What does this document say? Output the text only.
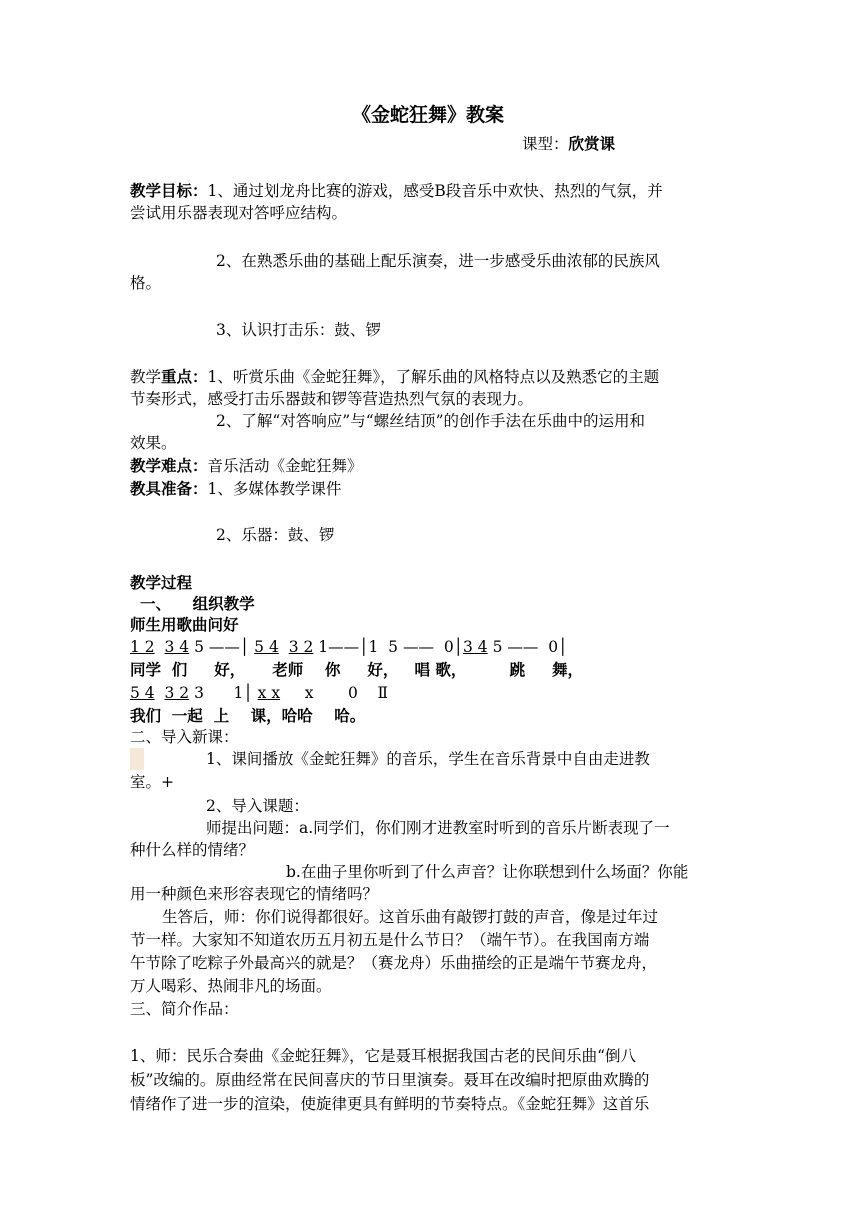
《金蛇狂舞》教案
课型：欣赏课
教学目标：1、通过划龙舟比赛的游戏，感受B段音乐中欢快、热烈的气氛，并
尝试用乐器表现对答呼应结构。
2、在熟悉乐曲的基础上配乐演奏，进一步感受乐曲浓郁的民族风
格。
3、认识打击乐：鼓、锣
教学重点：1、听赏乐曲《金蛇狂舞》，了解乐曲的风格特点以及熟悉它的主题
节奏形式，感受打击乐器鼓和锣等营造热烈气氛的表现力。
2、了解“对答响应”与“螺丝结顶”的创作手法在乐曲中的运用和
效果。
教学难点：音乐活动《金蛇狂舞》
教具准备：1、多媒体教学课件
2、乐器：鼓、锣
教学过程
一、    组织教学
师生用歌曲问好
1 2 3 4 5 ——│ 5 4 3 2 1——│1  5 ——  0│3 4 5 ——  0│
同学  们     好，     老师    你     好，   唱 歌，        跳     舞，
5 4 3 2 3      1│ x x     x       0    Ⅱ
我们  一起  上    课，哈哈    哈。
二、导入新课：
1、课间播放《金蛇狂舞》的音乐，学生在音乐背景中自由走进教
室。+
2、导入课题：
师提出问题：a.同学们，你们刚才进教室时听到的音乐片断表现了一
种什么样的情绪？
b.在曲子里你听到了什么声音？让你联想到什么场面？你能
用一种颜色来形容表现它的情绪吗？
生答后，师：你们说得都很好。这首乐曲有敲锣打鼓的声音，像是过年过
节一样。大家知不知道农历五月初五是什么节日？（端午节）。在我国南方端
午节除了吃粽子外最高兴的就是？（赛龙舟）乐曲描绘的正是端午节赛龙舟，
万人喝彩、热闹非凡的场面。
三、简介作品：
1、师：民乐合奏曲《金蛇狂舞》，它是聂耳根据我国古老的民间乐曲“倒八
板”改编的。原曲经常在民间喜庆的节日里演奏。聂耳在改编时把原曲欢腾的
情绪作了进一步的渲染，使旋律更具有鲜明的节奏特点。《金蛇狂舞》这首乐
